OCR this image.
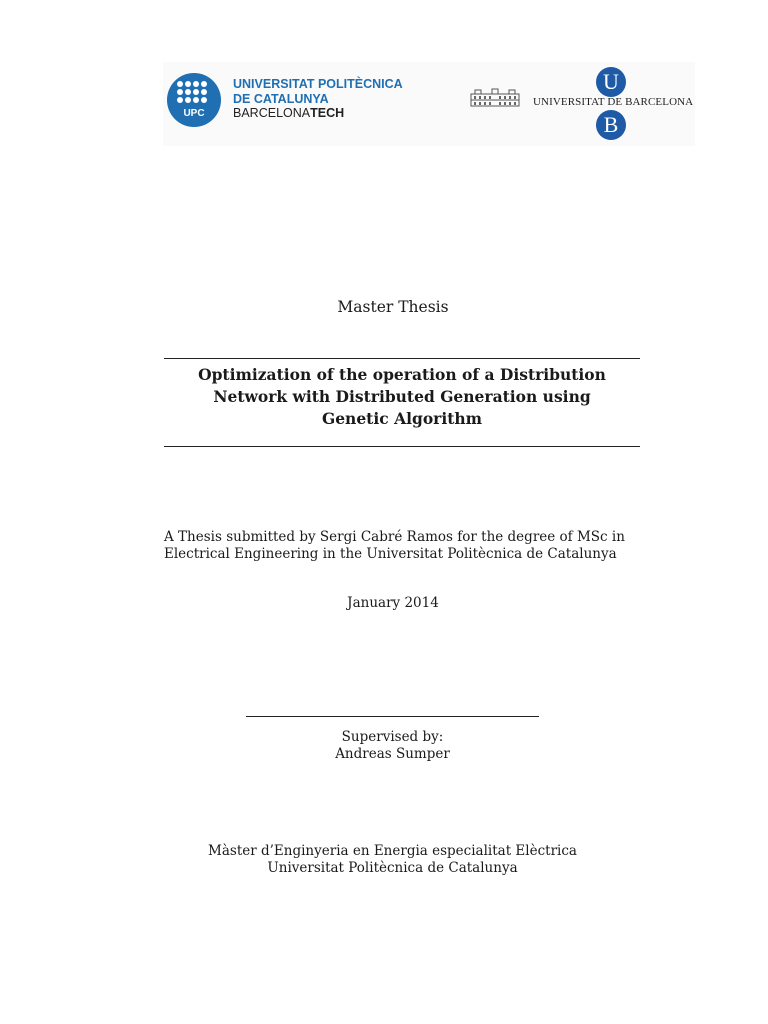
UPC
UNIVERSITAT POLITÈCNICA
DE CATALUNYA
BARCELONATECH
U
UNIVERSITAT DE BARCELONA
B
Master Thesis
Optimization of the operation of a Distribution
Network with Distributed Generation using
Genetic Algorithm
A Thesis submitted by Sergi Cabré Ramos for the degree of MSc in
Electrical Engineering in the Universitat Politècnica de Catalunya
January 2014
Supervised by:
Andreas Sumper
Màster d’Enginyeria en Energia especialitat Elèctrica
Universitat Politècnica de Catalunya
